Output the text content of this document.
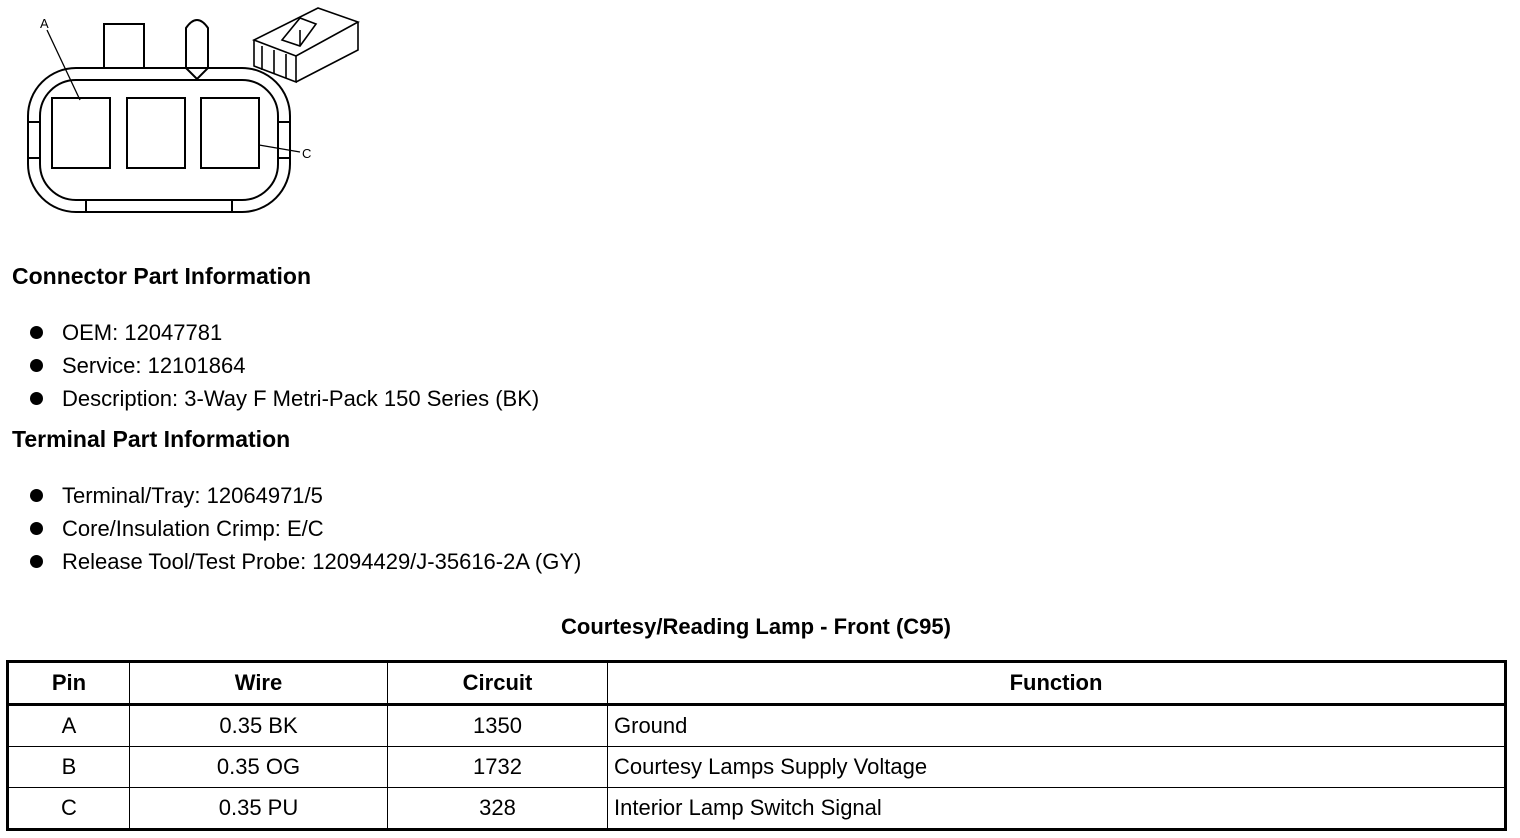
A
C
Connector Part Information
OEM: 12047781
Service: 12101864
Description: 3-Way F Metri-Pack 150 Series (BK)
Terminal Part Information
Terminal/Tray: 12064971/5
Core/Insulation Crimp: E/C
Release Tool/Test Probe: 12094429/J-35616-2A (GY)
Courtesy/Reading Lamp - Front (C95)
Pin	Wire	Circuit	Function
A	0.35 BK	1350	Ground
B	0.35 OG	1732	Courtesy Lamps Supply Voltage
C	0.35 PU	328	Interior Lamp Switch Signal
